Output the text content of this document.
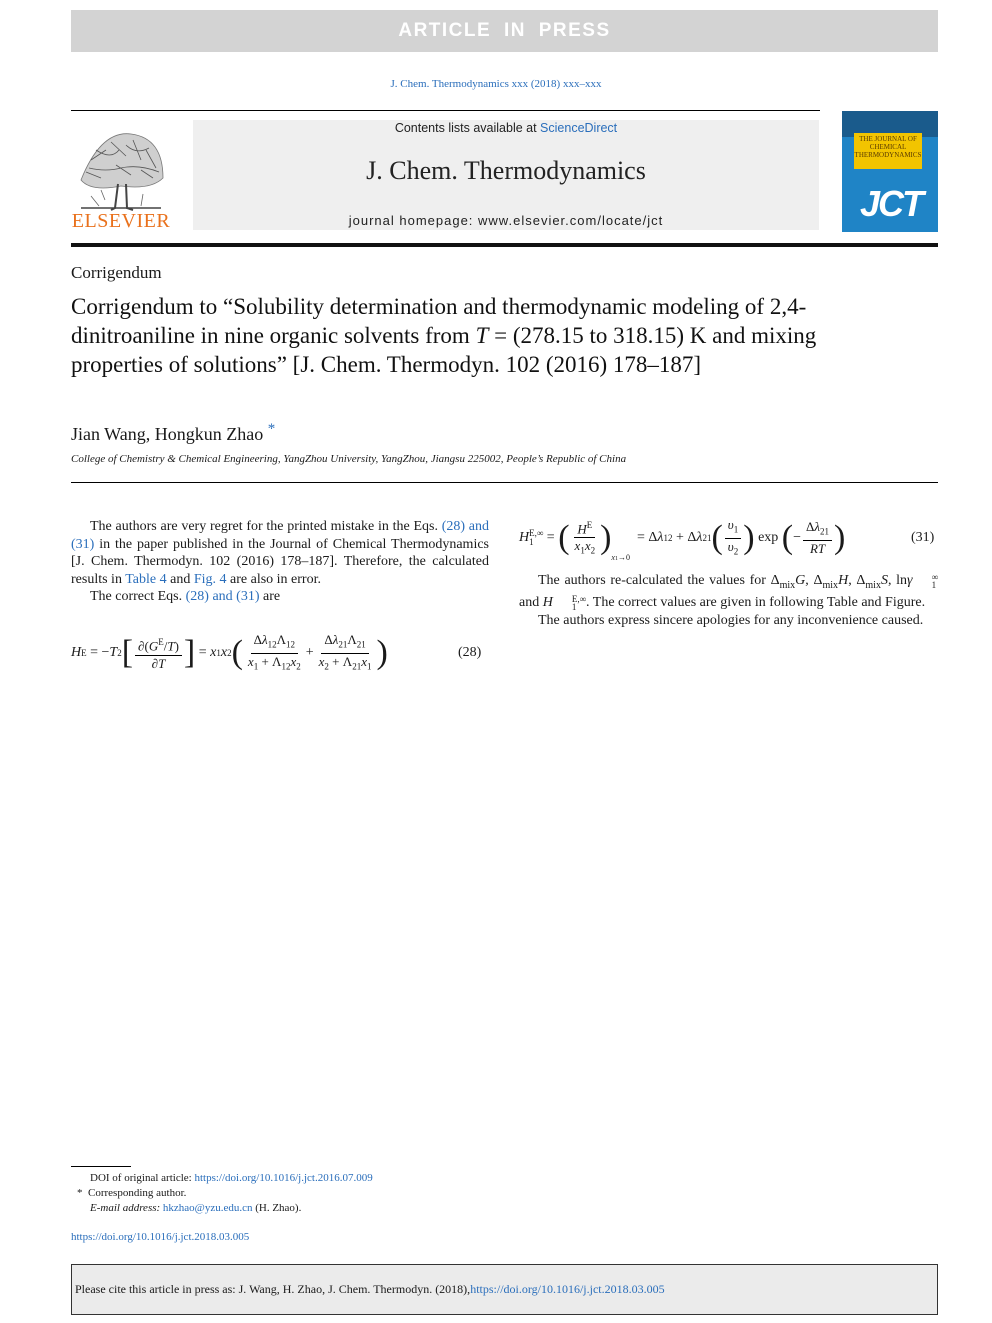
ARTICLE IN PRESS
J. Chem. Thermodynamics xxx (2018) xxx–xxx
ELSEVIER
Contents lists available at ScienceDirect
J. Chem. Thermodynamics
journal homepage: www.elsevier.com/locate/jct
THE JOURNAL OF CHEMICAL THERMODYNAMICS
JCT
Corrigendum
Corrigendum to “Solubility determination and thermodynamic modeling of 2,4-dinitroaniline in nine organic solvents from T = (278.15 to 318.15) K and mixing properties of solutions” [J. Chem. Thermodyn. 102 (2016) 178–187]
Jian Wang, Hongkun Zhao *
College of Chemistry & Chemical Engineering, YangZhou University, YangZhou, Jiangsu 225002, People’s Republic of China

The authors are very regret for the printed mistake in the Eqs. (28) and (31) in the paper published in the Journal of Chemical Thermodynamics [J. Chem. Thermodyn. 102 (2016) 178–187]. Therefore, the calculated results in Table 4 and Fig. 4 are also in error.

The correct Eqs. (28) and (31) are

H E = − T 2 [ $\frac{\partial(G^E/T)}{\partial T}$ ] = x 1 x 2 ( $\frac{\Delta\lambda_{12}\Lambda_{12}}{x_1 + \Lambda_{12}x_2} + \frac{\Delta\lambda_{21}\Lambda_{21}}{x_2 + \Lambda_{21}x_1}$ )	(28)
H E,∞
1 = ( $\frac{H^E}{x_1x_2}$ )
x1→0
= Δ λ 12 + Δ λ 21 ( $\frac{\upsilon_1}{\upsilon_2}$ ) exp ( − $\frac{\Delta\lambda_{21}}{RT}$ )	(31)

The authors re-calculated the values for $\Delta_{mix}G$, $\Delta_{mix}H$, $\Delta_{mix}S$, lnγ	∞
1
and H	E,∞
1 . The correct values are given in following Table and Figure.

The authors express sincere apologies for any inconvenience caused.

DOI of original article: https://doi.org/10.1016/j.jct.2016.07.009
* Corresponding author.
E-mail address: hkzhao@yzu.edu.cn (H. Zhao).
https://doi.org/10.1016/j.jct.2018.03.005
Please cite this article in press as: J. Wang, H. Zhao, J. Chem. Thermodyn. (2018), https://doi.org/10.1016/j.jct.2018.03.005
